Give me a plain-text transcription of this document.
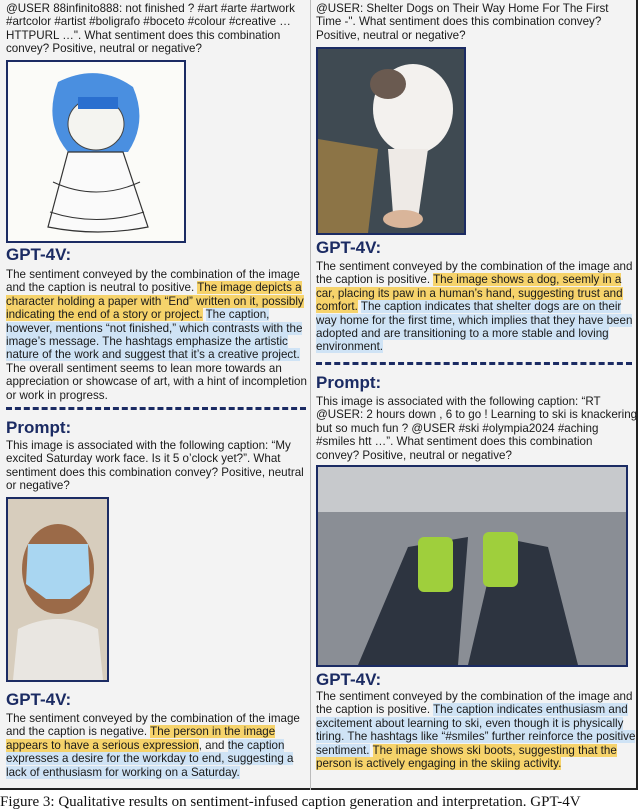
@USER 88infinito888: not finished ? #art #arte #artwork #artcolor #artist #boligrafo #boceto #colour #creative … HTTPURL …". What sentiment does this combination convey? Positive, neutral or negative?
GPT-4V:
The sentiment conveyed by the combination of the image and the caption is neutral to positive. The image depicts a character holding a paper with “End” written on it, possibly indicating the end of a story or project. The caption, however, mentions “not finished,” which contrasts with the image’s message. The hashtags emphasize the artistic nature of the work and suggest that it’s a creative project. The overall sentiment seems to lean more towards an appreciation or showcase of art, with a hint of incompletion or work in progress.
Prompt:
This image is associated with the following caption: “My excited Saturday work face. Is it 5 o’clock yet?”. What sentiment does this combination convey? Positive, neutral or negative?
GPT-4V:
The sentiment conveyed by the combination of the image and the caption is negative. The person in the image appears to have a serious expression, and the caption expresses a desire for the workday to end, suggesting a lack of enthusiasm for working on a Saturday.
@USER: Shelter Dogs on Their Way Home For The First Time -". What sentiment does this combination convey? Positive, neutral or negative?
GPT-4V:
The sentiment conveyed by the combination of the image and the caption is positive. The image shows a dog, seemly in a car, placing its paw in a human’s hand, suggesting trust and comfort. The caption indicates that shelter dogs are on their way home for the first time, which implies that they have been adopted and are transitioning to a more stable and loving environment.
Prompt:
This image is associated with the following caption: “RT @USER: 2 hours down , 6 to go ! Learning to ski is knackering but so much fun ? @USER #ski #olympia2024 #aching #smiles htt …”. What sentiment does this combination convey? Positive, neutral or negative?
GPT-4V:
The sentiment conveyed by the combination of the image and the caption is positive. The caption indicates enthusiasm and excitement about learning to ski, even though it is physically tiring. The hashtags like “#smiles” further reinforce the positive sentiment. The image shows ski boots, suggesting that the person is actively engaging in the skiing activity.
Figure 3: Qualitative results on sentiment-infused caption generation and interpretation. GPT-4V
